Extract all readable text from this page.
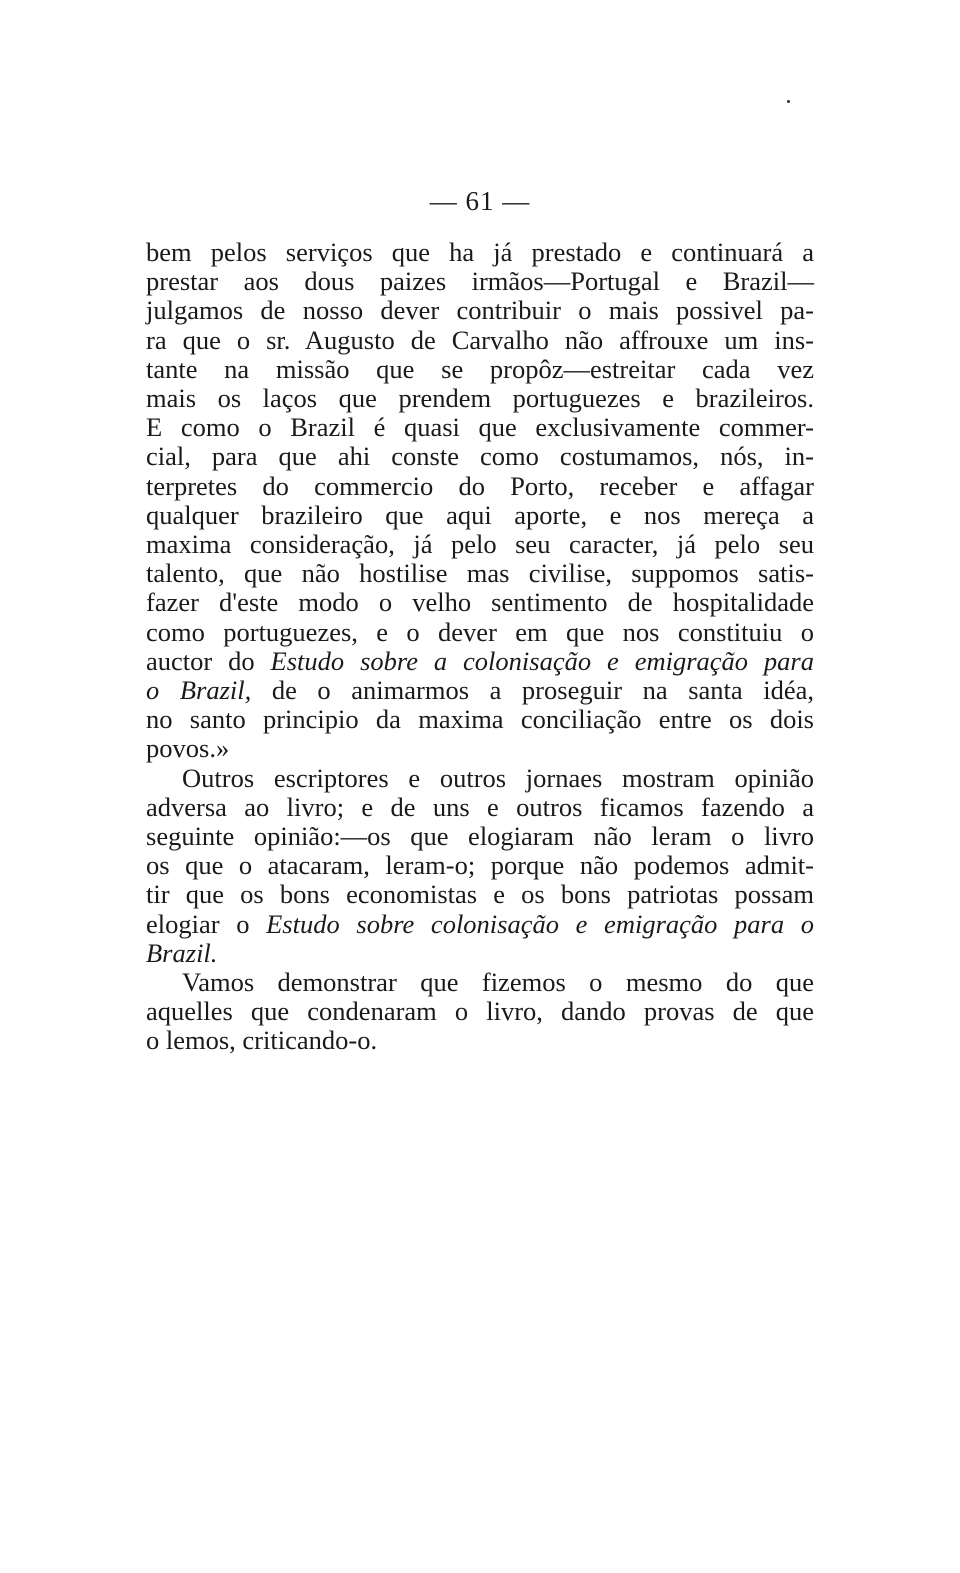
— 61 —
bem pelos serviços que ha já prestado e continuará a
prestar aos dous paizes irmãos—Portugal e Brazil—
julgamos de nosso dever contribuir o mais possivel pa-
ra que o sr. Augusto de Carvalho não affrouxe um ins-
tante na missão que se propôz—estreitar cada vez
mais os laços que prendem portuguezes e brazileiros.
E como o Brazil é quasi que exclusivamente commer-
cial, para que ahi conste como costumamos, nós, in-
terpretes do commercio do Porto, receber e affagar
qualquer brazileiro que aqui aporte, e nos mereça a
maxima consideração, já pelo seu caracter, já pelo seu
talento, que não hostilise mas civilise, suppomos satis-
fazer d'este modo o velho sentimento de hospitalidade
como portuguezes, e o dever em que nos constituiu o
auctor do Estudo sobre a colonisação e emigração para
o Brazil, de o animarmos a proseguir na santa idéa,
no santo principio da maxima conciliação entre os dois
povos.»
Outros escriptores e outros jornaes mostram opinião
adversa ao livro; e de uns e outros ficamos fazendo a
seguinte opinião:—os que elogiaram não leram o livro
os que o atacaram, leram-o; porque não podemos admit-
tir que os bons economistas e os bons patriotas possam
elogiar o Estudo sobre colonisação e emigração para o
Brazil.
Vamos demonstrar que fizemos o mesmo do que
aquelles que condenaram o livro, dando provas de que
o lemos, criticando-o.
